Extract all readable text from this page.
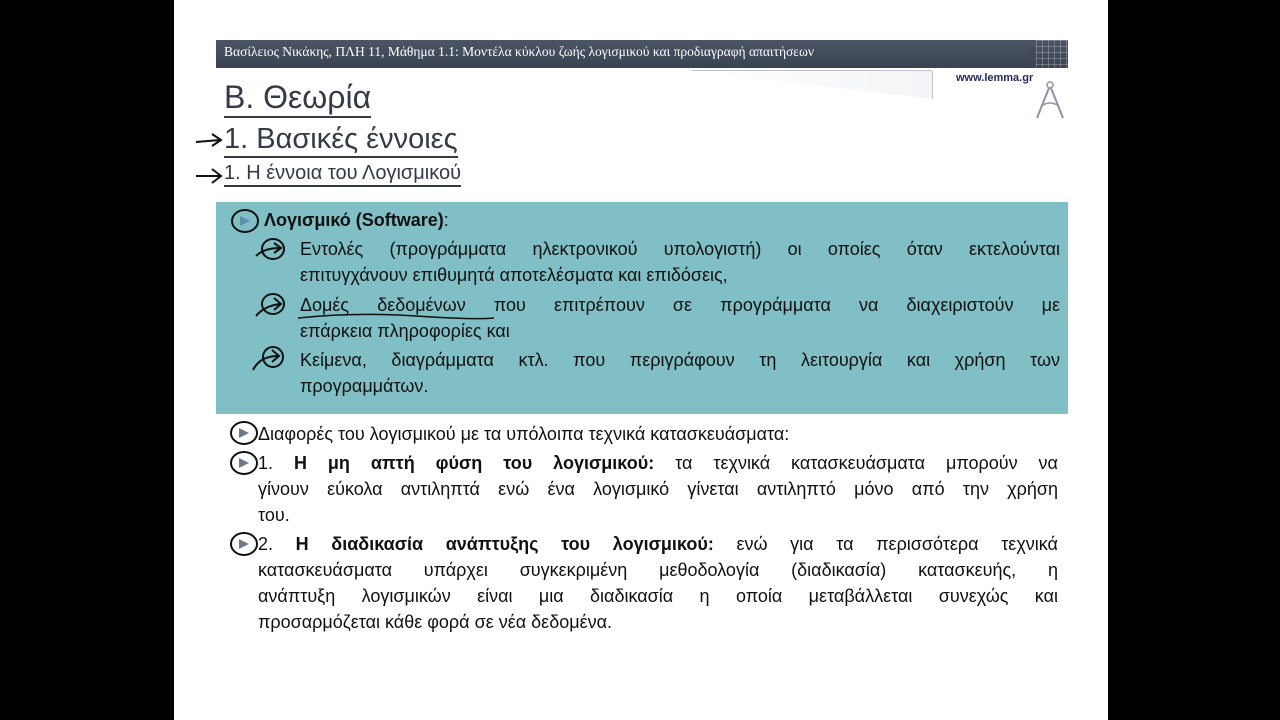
Βασίλειος Νικάκης, ΠΛΗ 11, Μάθημα 1.1: Μοντέλα κύκλου ζωής λογισμικού και προδιαγραφή απαιτήσεων	4
www.lemma.gr
Β. Θεωρία
1. Βασικές έννοιες
1. Η έννοια του Λογισμικού
Λογισμικό (Software):
Εντολές (προγράμματα ηλεκτρονικού υπολογιστή) οι οποίες όταν εκτελούνται
επιτυγχάνουν επιθυμητά αποτελέσματα και επιδόσεις,
Δομές δεδομένων που επιτρέπουν σε προγράμματα να διαχειριστούν με
επάρκεια πληροφορίες και
Κείμενα, διαγράμματα κτλ. που περιγράφουν τη λειτουργία και χρήση των
προγραμμάτων.
Διαφορές του λογισμικού με τα υπόλοιπα τεχνικά κατασκευάσματα:
1. Η μη απτή φύση του λογισμικού: τα τεχνικά κατασκευάσματα μπορούν να
γίνουν εύκολα αντιληπτά ενώ ένα λογισμικό γίνεται αντιληπτό μόνο από την χρήση
του.
2. Η διαδικασία ανάπτυξης του λογισμικού: ενώ για τα περισσότερα τεχνικά
κατασκευάσματα υπάρχει συγκεκριμένη μεθοδολογία (διαδικασία) κατασκευής, η
ανάπτυξη λογισμικών είναι μια διαδικασία η οποία μεταβάλλεται συνεχώς και
προσαρμόζεται κάθε φορά σε νέα δεδομένα.
